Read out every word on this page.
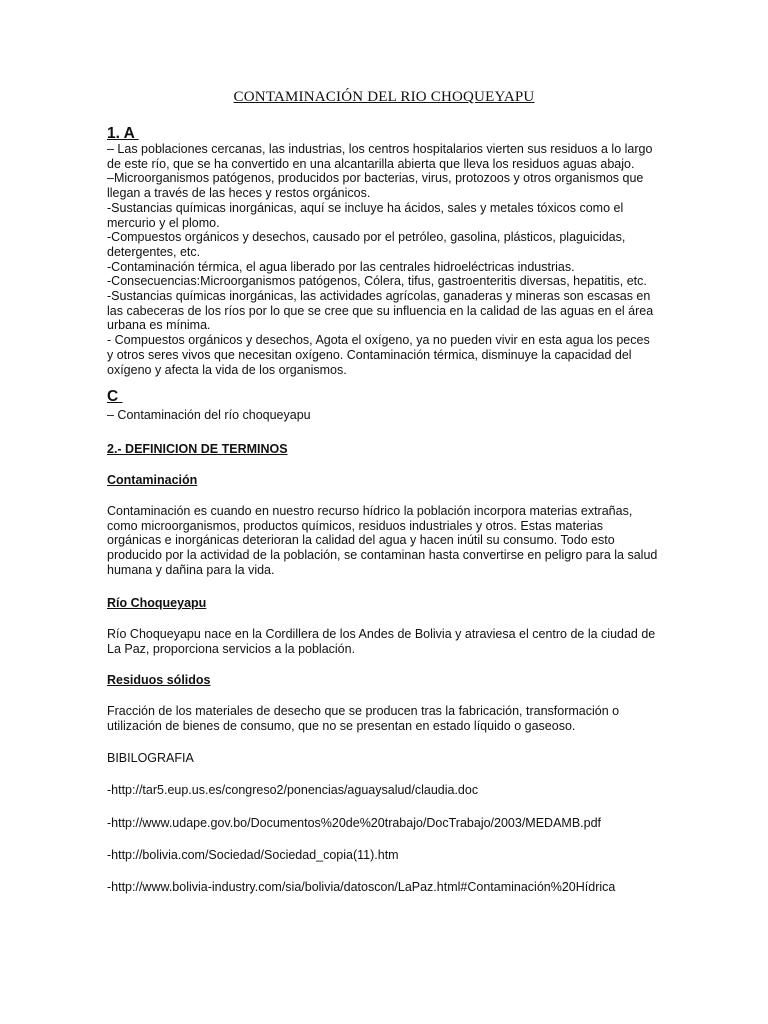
CONTAMINACIÓN DEL RIO CHOQUEYAPU
1. A
– Las poblaciones cercanas, las industrias, los centros hospitalarios vierten sus residuos a lo largo
de este río, que se ha convertido en una alcantarilla abierta que lleva los residuos aguas abajo.
–Microorganismos patógenos, producidos por bacterias, virus, protozoos y otros organismos que
llegan a través de las heces y restos orgánicos.
-Sustancias químicas inorgánicas, aquí se incluye ha ácidos, sales y metales tóxicos como el
mercurio y el plomo.
-Compuestos orgánicos y desechos, causado por el petróleo, gasolina, plásticos, plaguicidas,
detergentes, etc.
-Contaminación térmica, el agua liberado por las centrales hidroeléctricas industrias.
-Consecuencias:Microorganismos patógenos, Cólera, tifus, gastroenteritis diversas, hepatitis, etc.
-Sustancias químicas inorgánicas, las actividades agrícolas, ganaderas y mineras son escasas en
las cabeceras de los ríos por lo que se cree que su influencia en la calidad de las aguas en el área
urbana es mínima.
- Compuestos orgánicos y desechos, Agota el oxígeno, ya no pueden vivir en esta agua los peces
y otros seres vivos que necesitan oxígeno. Contaminación térmica, disminuye la capacidad del
oxígeno y afecta la vida de los organismos.
C
– Contaminación del río choqueyapu
2.- DEFINICION DE TERMINOS
Contaminación
Contaminación es cuando en nuestro recurso hídrico la población incorpora materias extrañas,
como microorganismos, productos químicos, residuos industriales y otros. Estas materias
orgánicas e inorgánicas deterioran la calidad del agua y hacen inútil su consumo. Todo esto
producido por la actividad de la población, se contaminan hasta convertirse en peligro para la salud
humana y dañina para la vida.
Río Choqueyapu
Río Choqueyapu nace en la Cordillera de los Andes de Bolivia y atraviesa el centro de la ciudad de
La Paz, proporciona servicios a la población.
Residuos sólidos
Fracción de los materiales de desecho que se producen tras la fabricación, transformación o
utilización de bienes de consumo, que no se presentan en estado líquido o gaseoso.
BIBILOGRAFIA
-http://tar5.eup.us.es/congreso2/ponencias/aguaysalud/claudia.doc
-http://www.udape.gov.bo/Documentos%20de%20trabajo/DocTrabajo/2003/MEDAMB.pdf
-http://bolivia.com/Sociedad/Sociedad_copia(11).htm
-http://www.bolivia-industry.com/sia/bolivia/datoscon/LaPaz.html#Contaminación%20Hídrica
